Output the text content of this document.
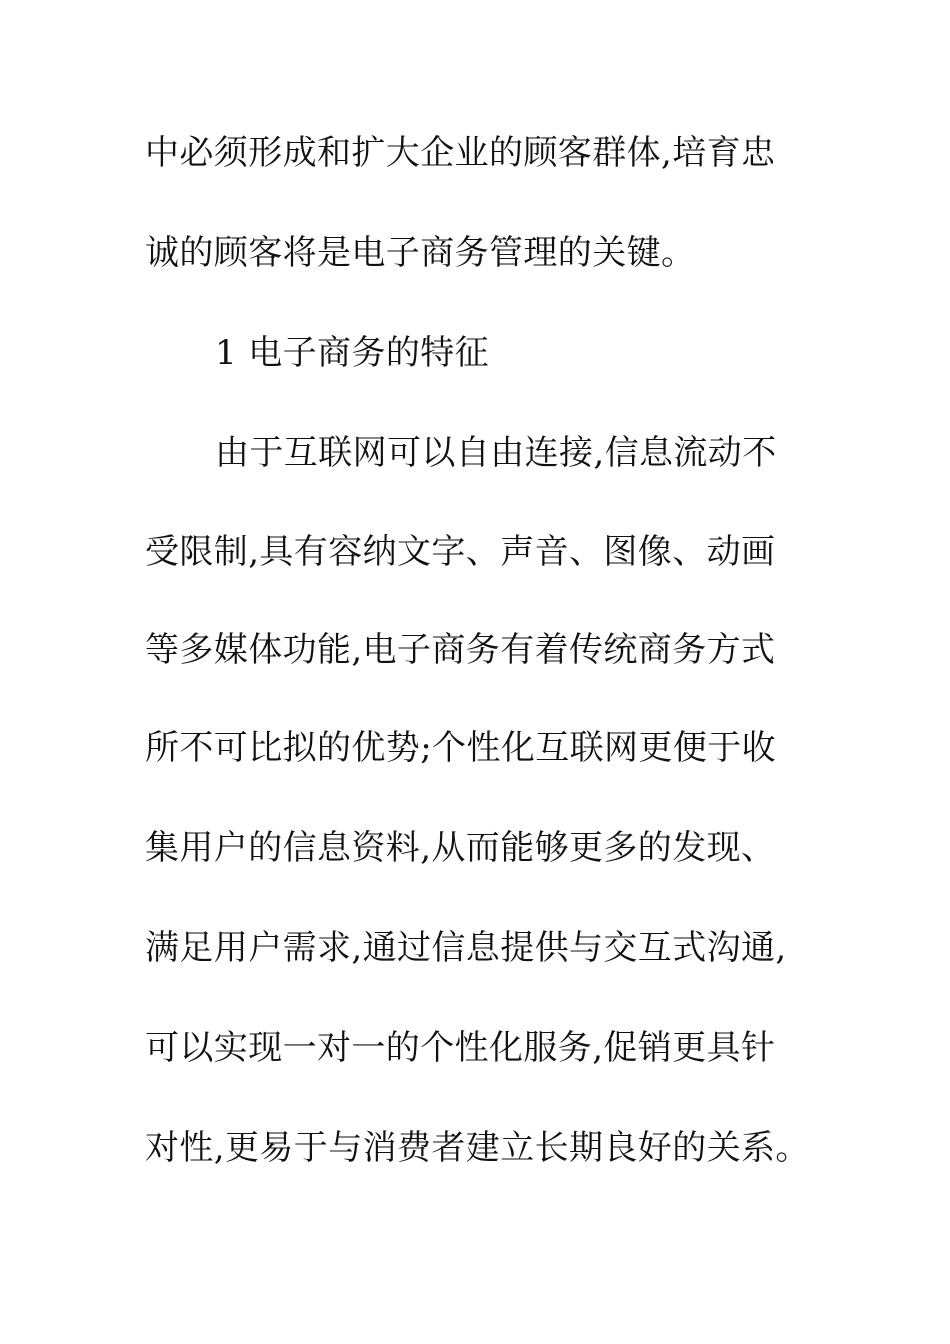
中必须形成和扩大企业的顾客群体,培育忠
诚的顾客将是电子商务管理的关键。
1 电子商务的特征
由于互联网可以自由连接,信息流动不
受限制,具有容纳文字、声音、图像、动画
等多媒体功能,电子商务有着传统商务方式
所不可比拟的优势;个性化互联网更便于收
集用户的信息资料,从而能够更多的发现、
满足用户需求,通过信息提供与交互式沟通,
可以实现一对一的个性化服务,促销更具针
对性,更易于与消费者建立长期良好的关系。
